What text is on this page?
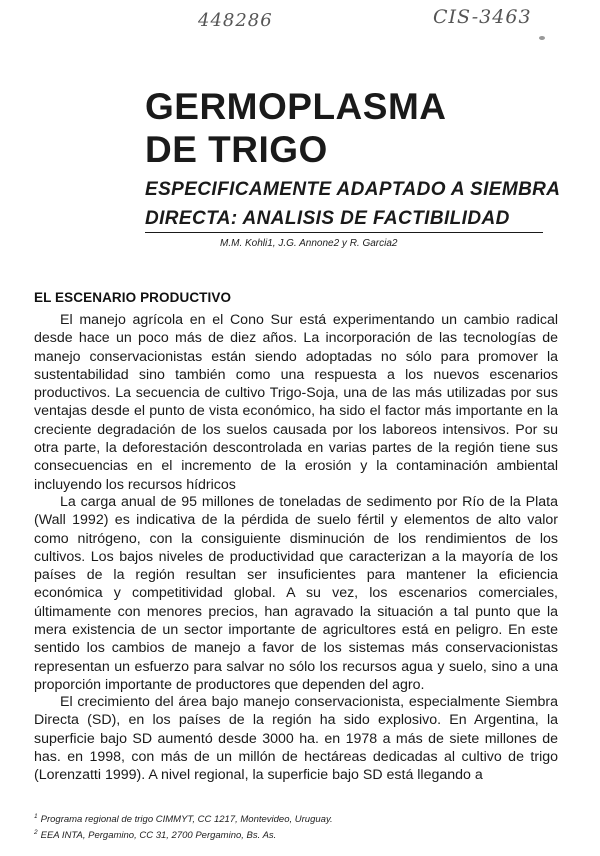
448286	CIS-3463
GERMOPLASMA
DE TRIGO
ESPECIFICAMENTE ADAPTADO A SIEMBRA
DIRECTA: ANALISIS DE FACTIBILIDAD
M.M. Kohli1, J.G. Annone2 y R. Garcia2
EL ESCENARIO PRODUCTIVO

El manejo agrícola en el Cono Sur está experimentando un cambio radical desde hace un poco más de diez años. La incorporación de las tecnologías de manejo conservacionistas están siendo adoptadas no sólo para promover la sustentabilidad sino también como una respuesta a los nuevos escenarios productivos. La secuencia de cultivo Trigo-Soja, una de las más utilizadas por sus ventajas desde el punto de vista económico, ha sido el factor más importante en la creciente degradación de los suelos causada por los laboreos intensivos. Por su otra parte, la deforestación descontrolada en varias partes de la región tiene sus consecuencias en el incremento de la erosión y la contaminación ambiental incluyendo los recursos hídricos

La carga anual de 95 millones de toneladas de sedimento por Río de la Plata (Wall 1992) es indicativa de la pérdida de suelo fértil y elementos de alto valor como nitrógeno, con la consiguiente disminución de los rendimientos de los cultivos. Los bajos niveles de productividad que caracterizan a la mayoría de los países de la región resultan ser insuficientes para mantener la eficiencia económica y competitividad global. A su vez, los escenarios comerciales, últimamente con menores precios, han agravado la situación a tal punto que la mera existencia de un sector importante de agricultores está en peligro. En este sentido los cambios de manejo a favor de los sistemas más conservacionistas representan un esfuerzo para salvar no sólo los recursos agua y suelo, sino a una proporción importante de productores que dependen del agro.

El crecimiento del área bajo manejo conservacionista, especialmente Siembra Directa (SD), en los países de la región ha sido explosivo. En Argentina, la superficie bajo SD aumentó desde 3000 ha. en 1978 a más de siete millones de has. en 1998, con más de un millón de hectáreas dedicadas al cultivo de trigo (Lorenzatti 1999). A nivel regional, la superficie bajo SD está llegando a

$^1$ Programa regional de trigo CIMMYT, CC 1217, Montevideo, Uruguay.

$^2$ EEA INTA, Pergamino, CC 31, 2700 Pergamino, Bs. As.
